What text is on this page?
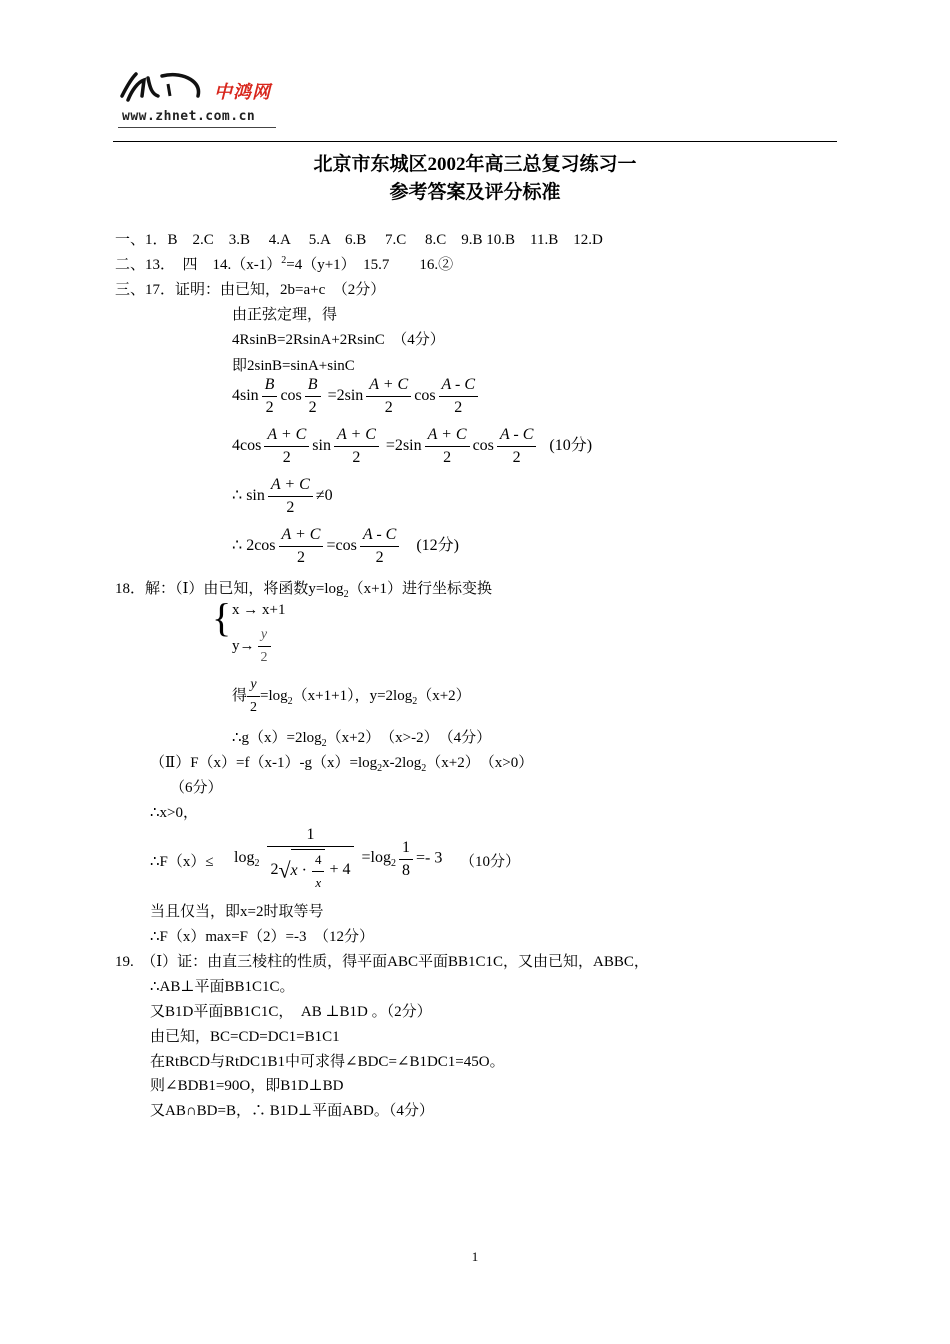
中鸿网
www.zhnet.com.cn
北京市东城区2002年高三总复习练习一
参考答案及评分标准
一、1．B　2.C　3.B　 4.A　 5.A　6.B　 7.C　 8.C　9.B 10.B　11.B　12.D
二、13．　四　$14.(x-1)^2=4(y+1)$　15.7　　16.②
三、17．证明：由已知，2b=a+c　（2分）
由正弦定理，得
4RsinB=2RsinA+2RsinC　（4分）
即2sinB=sinA+sinC
$4\sin \frac{B}{2}$ $\cos \frac{B}{2} =2\sin \frac{A + C}{2}$ $\cos \frac{A - C}{2}$
$4\cos \frac{A + C}{2}$ $\sin \frac{A + C}{2} =2\sin \frac{A + C}{2}$ $\cos \frac{A - C}{2} (10$分)
∴ $\sin \frac{A + C}{2} \ne 0$
∴ $2\cos \frac{A + C}{2} =\cos \frac{A - C}{2} (12$分)
18．解：（Ⅰ）由已知，将函数$y=\log_2(x+1)$进行坐标变换
{ x → x+1
$y\to \frac{y}{2}$
得 $\frac{y}{2} =\log_2(x+1+1)$，$y=2\log_2(x+2)$
$\therefore g(x)=2\log_2(x+2)$　（x>-2）　（4分）
$(Ⅱ)F(x)=f(x-1)-g(x)=\log_2x-2\log_2(x+2)$　（x>0）
（6分）
∴x>0，
∴F（x）≤ $\log_2 \frac{1}{2√x \cdot \frac{4}{x} + 4} =\log_2 \frac{1}{8} =- 3$ （10分）
当且仅当，即x=2时取等号
∴F（x）max=F（2）=-3　（12分）
19.　（Ⅰ）证：由直三棱柱的性质，得平面ABC平面BB1C1C，又由已知，ABBC，
∴AB⊥平面BB1C1C。
又B1D平面BB1C1C，　AB ⊥B1D 。（2分）
由已知，BC=CD=DC1=B1C1
在RtBCD与RtDC1B1中可求得∠BDC=∠B1DC1=45O。
则∠BDB1=90O，即B1D⊥BD
又AB∩BD=B，∴ B1D⊥平面ABD。（4分）
1
